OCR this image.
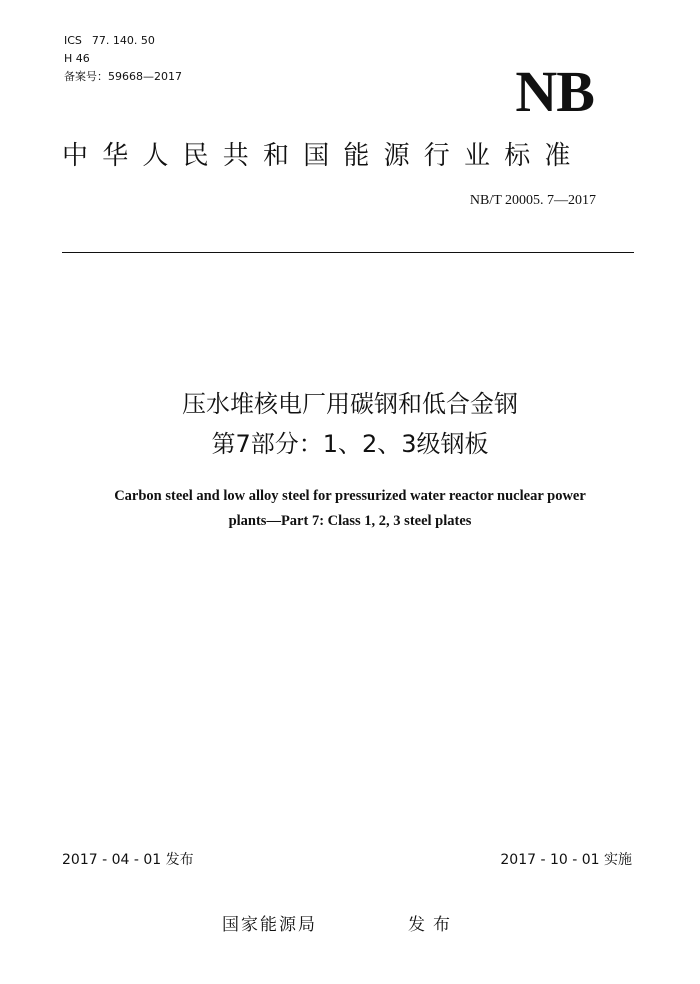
ICS 77. 140. 50
H 46
备案号：59668—2017	NB
中华人民共和国能源行业标准
NB/T 20005. 7—2017
压水堆核电厂用碳钢和低合金钢
第7部分：1、2、3级钢板
Carbon steel and low alloy steel for pressurized water reactor nuclear power
plants—Part 7: Class 1, 2, 3 steel plates
2017 - 04 - 01 发布	2017 - 10 - 01 实施
国家能源局	发布
